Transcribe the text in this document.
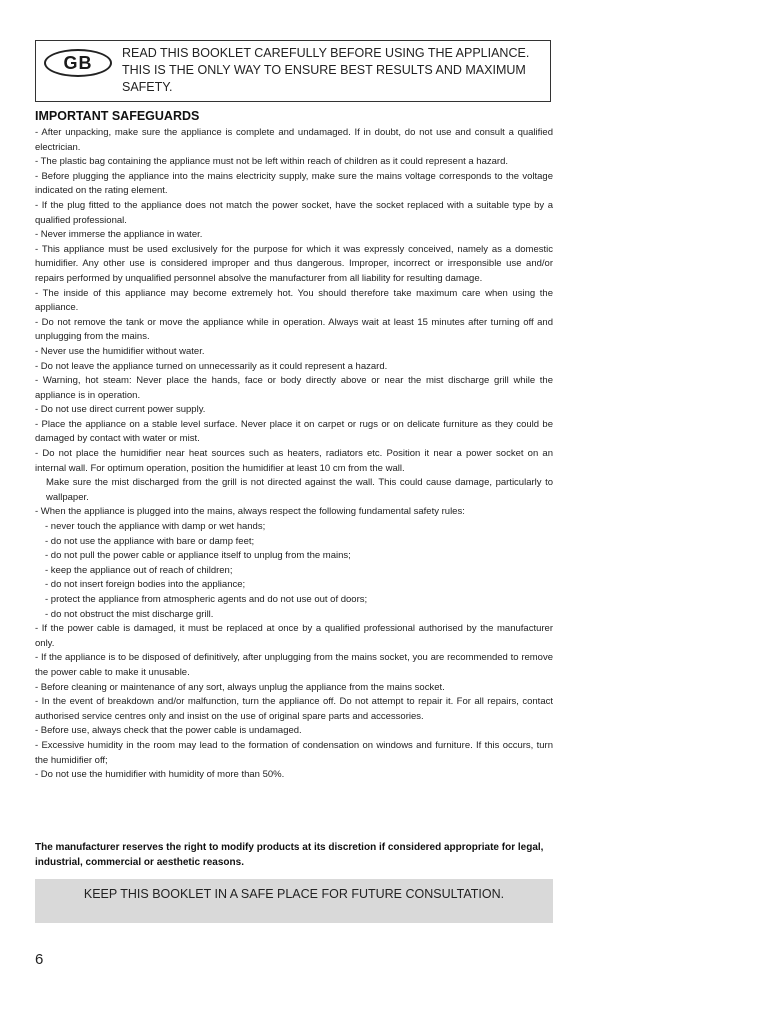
GB	READ THIS BOOKLET CAREFULLY BEFORE USING THE APPLIANCE.
THIS IS THE ONLY WAY TO ENSURE BEST RESULTS AND MAXIMUM
SAFETY.
IMPORTANT SAFEGUARDS
- After unpacking, make sure the appliance is complete and undamaged. If in doubt, do not use and consult a qualified electrician.
- The plastic bag containing the appliance must not be left within reach of children as it could represent a hazard.
- Before plugging the appliance into the mains electricity supply, make sure the mains voltage corresponds to the voltage indicated on the rating element.
- If the plug fitted to the appliance does not match the power socket, have the socket replaced with a suitable type by a qualified professional.
- Never immerse the appliance in water.
- This appliance must be used exclusively for the purpose for which it was expressly conceived, namely as a domestic humidifier. Any other use is considered improper and thus dangerous. Improper, incorrect or irresponsible use and/or repairs performed by unqualified personnel absolve the manufacturer from all liability for resulting damage.
- The inside of this appliance may become extremely hot. You should therefore take maximum care when using the appliance.
- Do not remove the tank or move the appliance while in operation. Always wait at least 15 minutes after turning off and unplugging from the mains.
- Never use the humidifier without water.
- Do not leave the appliance turned on unnecessarily as it could represent a hazard.
- Warning, hot steam: Never place the hands, face or body directly above or near the mist discharge grill while the appliance is in operation.
- Do not use direct current power supply.
- Place the appliance on a stable level surface. Never place it on carpet or rugs or on delicate furniture as they could be damaged by contact with water or mist.
- Do not place the humidifier near heat sources such as heaters, radiators etc. Position it near a power socket on an internal wall. For optimum operation, position the humidifier at least 10 cm from the wall.
Make sure the mist discharged from the grill is not directed against the wall. This could cause damage, particularly to wallpaper.
- When the appliance is plugged into the mains, always respect the following fundamental safety rules:
- never touch the appliance with damp or wet hands;
- do not use the appliance with bare or damp feet;
- do not pull the power cable or appliance itself to unplug from the mains;
- keep the appliance out of reach of children;
- do not insert foreign bodies into the appliance;
- protect the appliance from atmospheric agents and do not use out of doors;
- do not obstruct the mist discharge grill.
- If the power cable is damaged, it must be replaced at once by a qualified professional authorised by the manufacturer only.
- If the appliance is to be disposed of definitively, after unplugging from the mains socket, you are recommended to remove the power cable to make it unusable.
- Before cleaning or maintenance of any sort, always unplug the appliance from the mains socket.
- In the event of breakdown and/or malfunction, turn the appliance off. Do not attempt to repair it. For all repairs, contact authorised service centres only and insist on the use of original spare parts and accessories.
- Before use, always check that the power cable is undamaged.
- Excessive humidity in the room may lead to the formation of condensation on windows and furniture. If this occurs, turn the humidifier off;
- Do not use the humidifier with humidity of more than 50%.
The manufacturer reserves the right to modify products at its discretion if considered appropriate for legal, industrial, commercial or aesthetic reasons.
KEEP THIS BOOKLET IN A SAFE PLACE FOR FUTURE CONSULTATION.
6
